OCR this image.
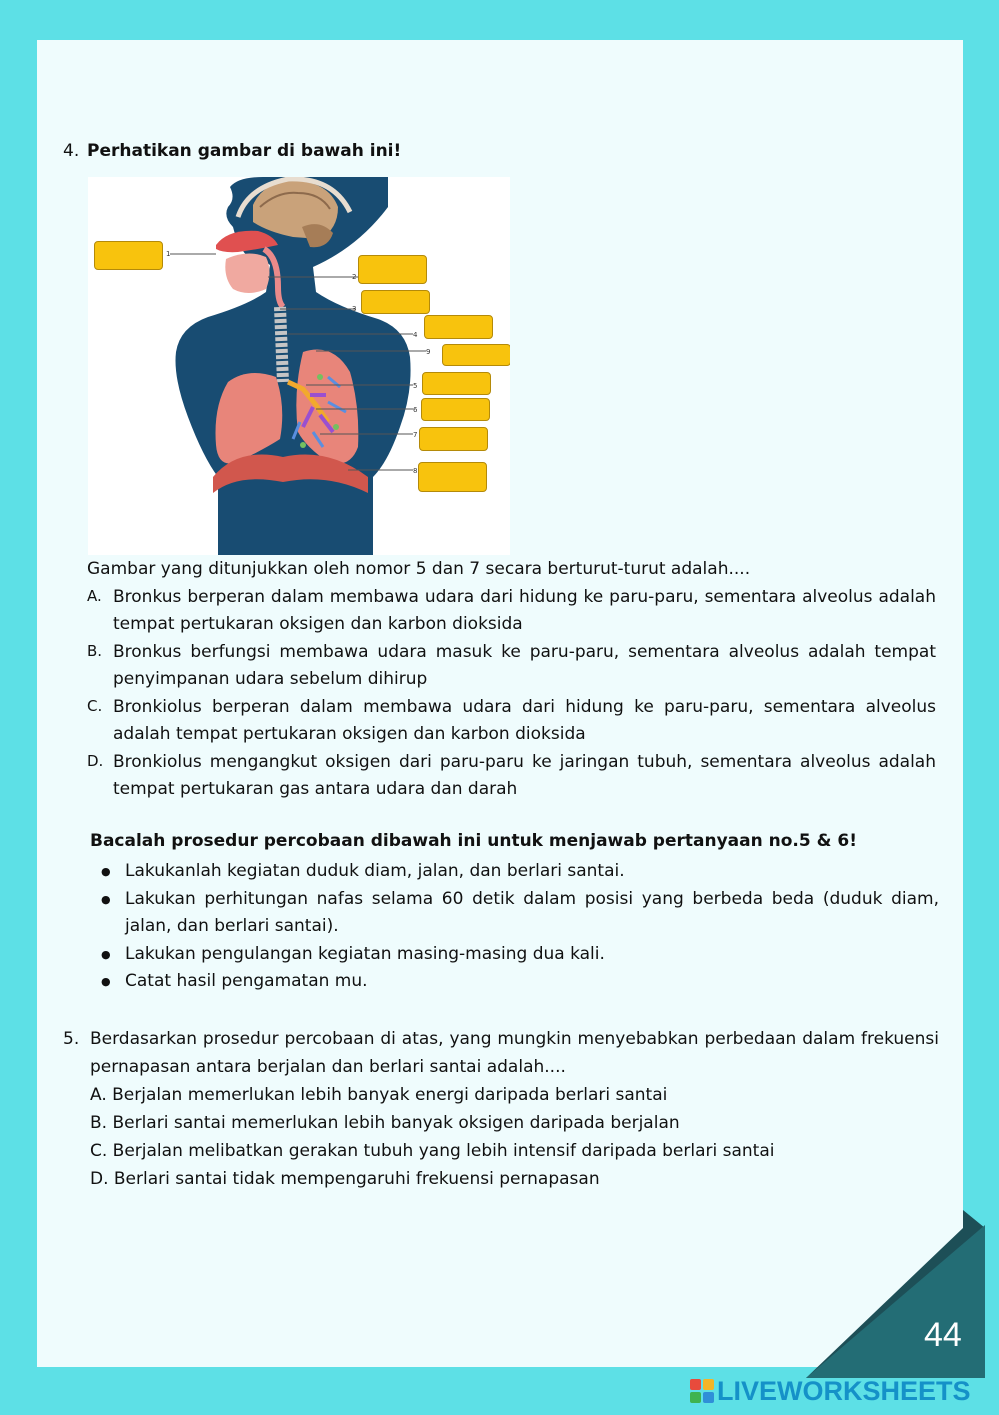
4. Perhatikan gambar di bawah ini!
1
2
3
4
9
5
6
7
8
Gambar yang ditunjukkan oleh nomor 5 dan 7 secara berturut-turut adalah....
A. Bronkus berperan dalam membawa udara dari hidung ke paru-paru, sementara alveolus adalah tempat pertukaran oksigen dan karbon dioksida
B. Bronkus berfungsi membawa udara masuk ke paru-paru, sementara alveolus adalah tempat penyimpanan udara sebelum dihirup
C. Bronkiolus berperan dalam membawa udara dari hidung ke paru-paru, sementara alveolus adalah tempat pertukaran oksigen dan karbon dioksida
D. Bronkiolus mengangkut oksigen dari paru-paru ke jaringan tubuh, sementara alveolus adalah tempat pertukaran gas antara udara dan darah
Bacalah prosedur percobaan dibawah ini untuk menjawab pertanyaan no.5 & 6!
● Lakukanlah kegiatan duduk diam, jalan, dan berlari santai.
● Lakukan perhitungan nafas selama 60 detik dalam posisi yang berbeda beda (duduk diam, jalan, dan berlari santai).
● Lakukan pengulangan kegiatan masing-masing dua kali.
● Catat hasil pengamatan mu.
5. Berdasarkan prosedur percobaan di atas, yang mungkin menyebabkan perbedaan dalam frekuensi pernapasan antara berjalan dan berlari santai adalah....
A. Berjalan memerlukan lebih banyak energi daripada berlari santai
B. Berlari santai memerlukan lebih banyak oksigen daripada berjalan
C. Berjalan melibatkan gerakan tubuh yang lebih intensif daripada berlari santai
D. Berlari santai tidak mempengaruhi frekuensi pernapasan
44
LIVEWORKSHEETS
